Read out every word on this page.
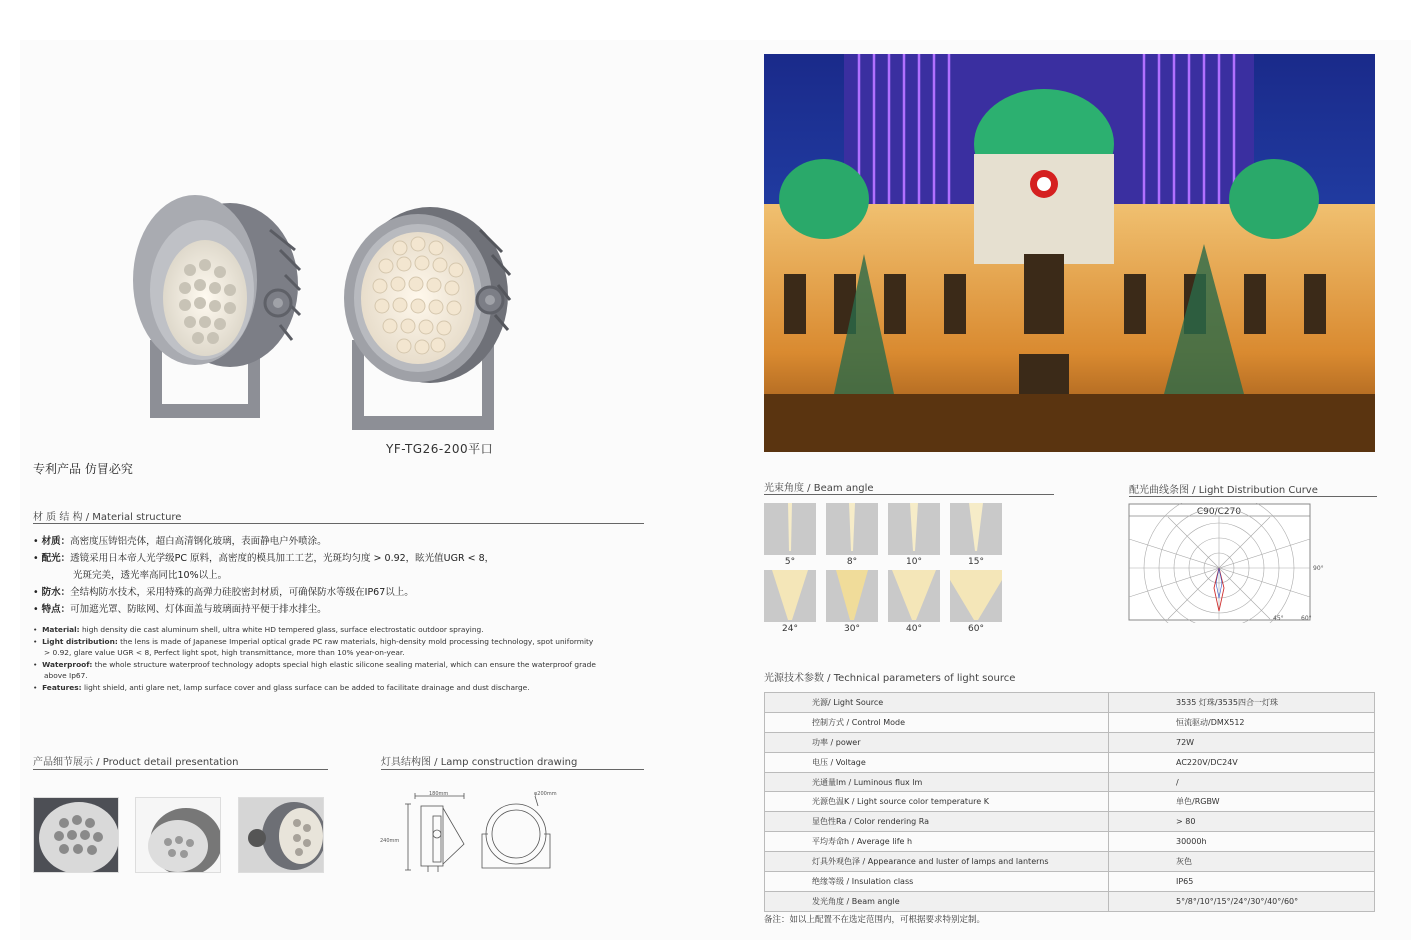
YF-TG26-200平口
专利产品 仿冒必究
材 质 结 构 / Material structure
• 材质：高密度压铸铝壳体，超白高清钢化玻璃，表面静电户外喷涂。
• 配光：透镜采用日本帝人光学级PC 原料，高密度的模具加工工艺，光斑均匀度 > 0.92，眩光值UGR < 8，
光斑完美，透光率高同比10%以上。
• 防水：全结构防水技术，采用特殊的高弹力硅胶密封材质，可确保防水等级在IP67以上。
• 特点：可加遮光罩、防眩网、灯体面盖与玻璃面持平便于排水排尘。
•  Material: high density die cast aluminum shell, ultra white HD tempered glass, surface electrostatic outdoor spraying.
•  Light distribution: the lens is made of Japanese Imperial optical grade PC raw materials, high-density mold processing technology, spot uniformity > 0.92, glare value UGR < 8, Perfect light spot, high transmittance, more than 10% year-on-year.
•  Waterproof: the whole structure waterproof technology adopts special high elastic silicone sealing material, which can ensure the waterproof grade above Ip67.
•  Features: light shield, anti glare net, lamp surface cover and glass surface can be added to facilitate drainage and dust discharge.
产品细节展示 / Product detail presentation	灯具结构图 / Lamp construction drawing
180mm
240mm
φ200mm
光束角度 / Beam angle	配光曲线条图 / Light Distribution Curve
5°	8°	10°	15°
24°	30°	40°	60°
C90/C270
90°
45°	60°
光源技术参数 / Technical parameters of light source
光源/ Light Source	3535 灯珠/3535四合一灯珠
控制方式 / Control Mode	恒流驱动/DMX512
功率 / power	72W
电压 / Voltage	AC220V/DC24V
光通量lm / Luminous flux lm	/
光源色温K / Light source color temperature K	单色/RGBW
显色性Ra / Color rendering Ra	> 80
平均寿命h / Average life h	30000h
灯具外观色泽 / Appearance and luster of lamps and lanterns	灰色
绝缘等级 / Insulation class	IP65
发光角度 / Beam angle	5°/8°/10°/15°/24°/30°/40°/60°
备注：如以上配置不在选定范围内，可根据要求特别定制。
